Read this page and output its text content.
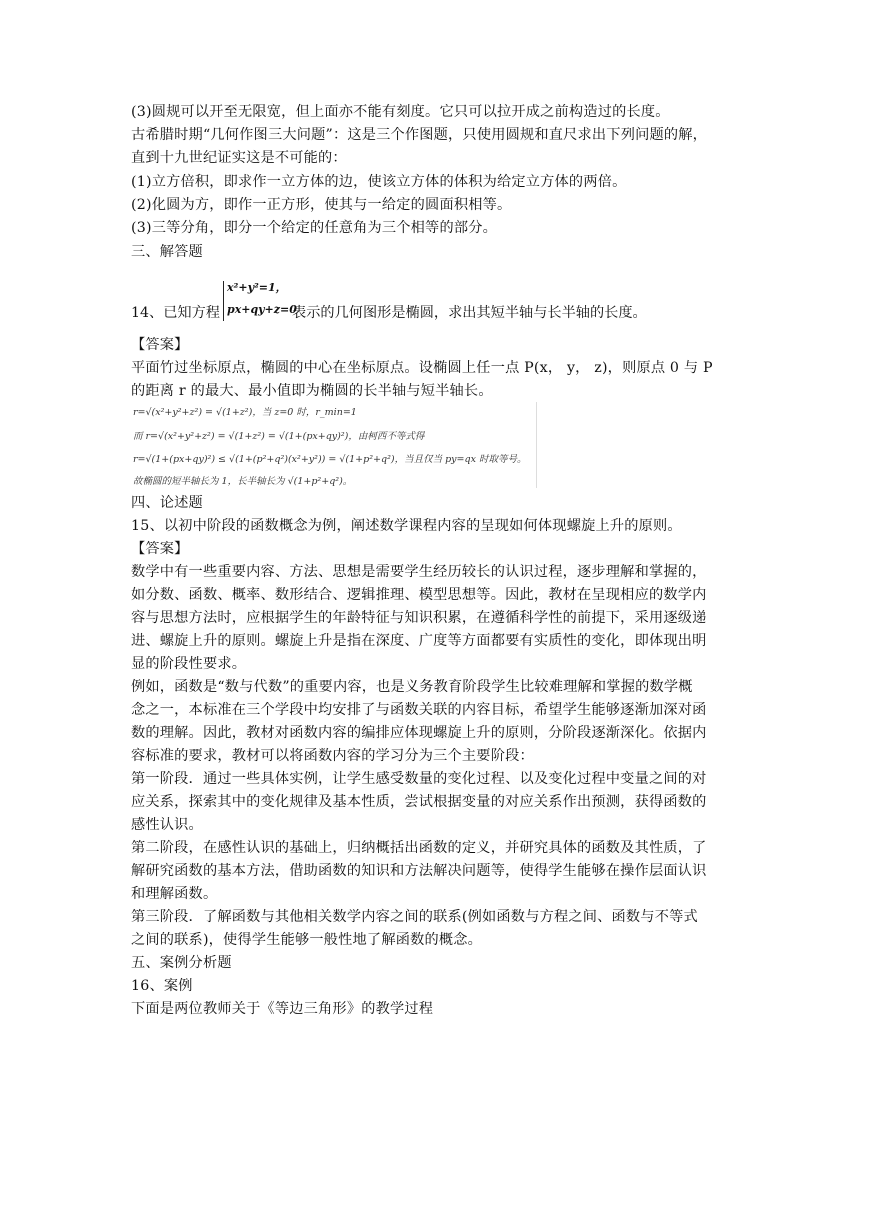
(3)圆规可以开至无限宽，但上面亦不能有刻度。它只可以拉开成之前构造过的长度。
古希腊时期“几何作图三大问题”：这是三个作图题，只使用圆规和直尺求出下列问题的解，
直到十九世纪证实这是不可能的：
(1)立方倍积，即求作一立方体的边，使该立方体的体积为给定立方体的两倍。
(2)化圆为方，即作一正方形，使其与一给定的圆面积相等。
(3)三等分角，即分一个给定的任意角为三个相等的部分。
三、解答题
14、已知方程
x²+y²=1，
px+qy+z=0
表示的几何图形是椭圆，求出其短半轴与长半轴的长度。
【答案】
平面竹过坐标原点，椭圆的中心在坐标原点。设椭圆上任一点 P(x， y， z)，则原点 0 与 P
的距离 r 的最大、最小值即为椭圆的长半轴与短半轴长。
r=√(x²+y²+z²) = √(1+z²)，当 z=0 时，r_min=1
而 r=√(x²+y²+z²) = √(1+z²) = √(1+(px+qy)²)，由柯西不等式得
r=√(1+(px+qy)²) ≤ √(1+(p²+q²)(x²+y²)) = √(1+p²+q²)，当且仅当 py=qx 时取等号。
故椭圆的短半轴长为 1，长半轴长为 √(1+p²+q²)。
四、论述题
15、以初中阶段的函数概念为例，阐述数学课程内容的呈现如何体现螺旋上升的原则。
【答案】
数学中有一些重要内容、方法、思想是需要学生经历较长的认识过程，逐步理解和掌握的，
如分数、函数、概率、数形结合、逻辑推理、模型思想等。因此，教材在呈现相应的数学内
容与思想方法时，应根据学生的年龄特征与知识积累，在遵循科学性的前提下，采用逐级递
进、螺旋上升的原则。螺旋上升是指在深度、广度等方面都要有实质性的变化，即体现出明
显的阶段性要求。
例如，函数是“数与代数”的重要内容，也是义务教育阶段学生比较难理解和掌握的数学概
念之一，本标准在三个学段中均安排了与函数关联的内容目标，希望学生能够逐渐加深对函
数的理解。因此，教材对函数内容的编排应体现螺旋上升的原则，分阶段逐渐深化。依据内
容标准的要求，教材可以将函数内容的学习分为三个主要阶段：
第一阶段．通过一些具体实例，让学生感受数量的变化过程、以及变化过程中变量之间的对
应关系，探索其中的变化规律及基本性质，尝试根据变量的对应关系作出预测，获得函数的
感性认识。
第二阶段，在感性认识的基础上，归纳概括出函数的定义，并研究具体的函数及其性质，了
解研究函数的基本方法，借助函数的知识和方法解决问题等，使得学生能够在操作层面认识
和理解函数。
第三阶段．了解函数与其他相关数学内容之间的联系(例如函数与方程之间、函数与不等式
之间的联系)，使得学生能够一般性地了解函数的概念。
五、案例分析题
16、案例
下面是两位教师关于《等边三角形》的教学过程
